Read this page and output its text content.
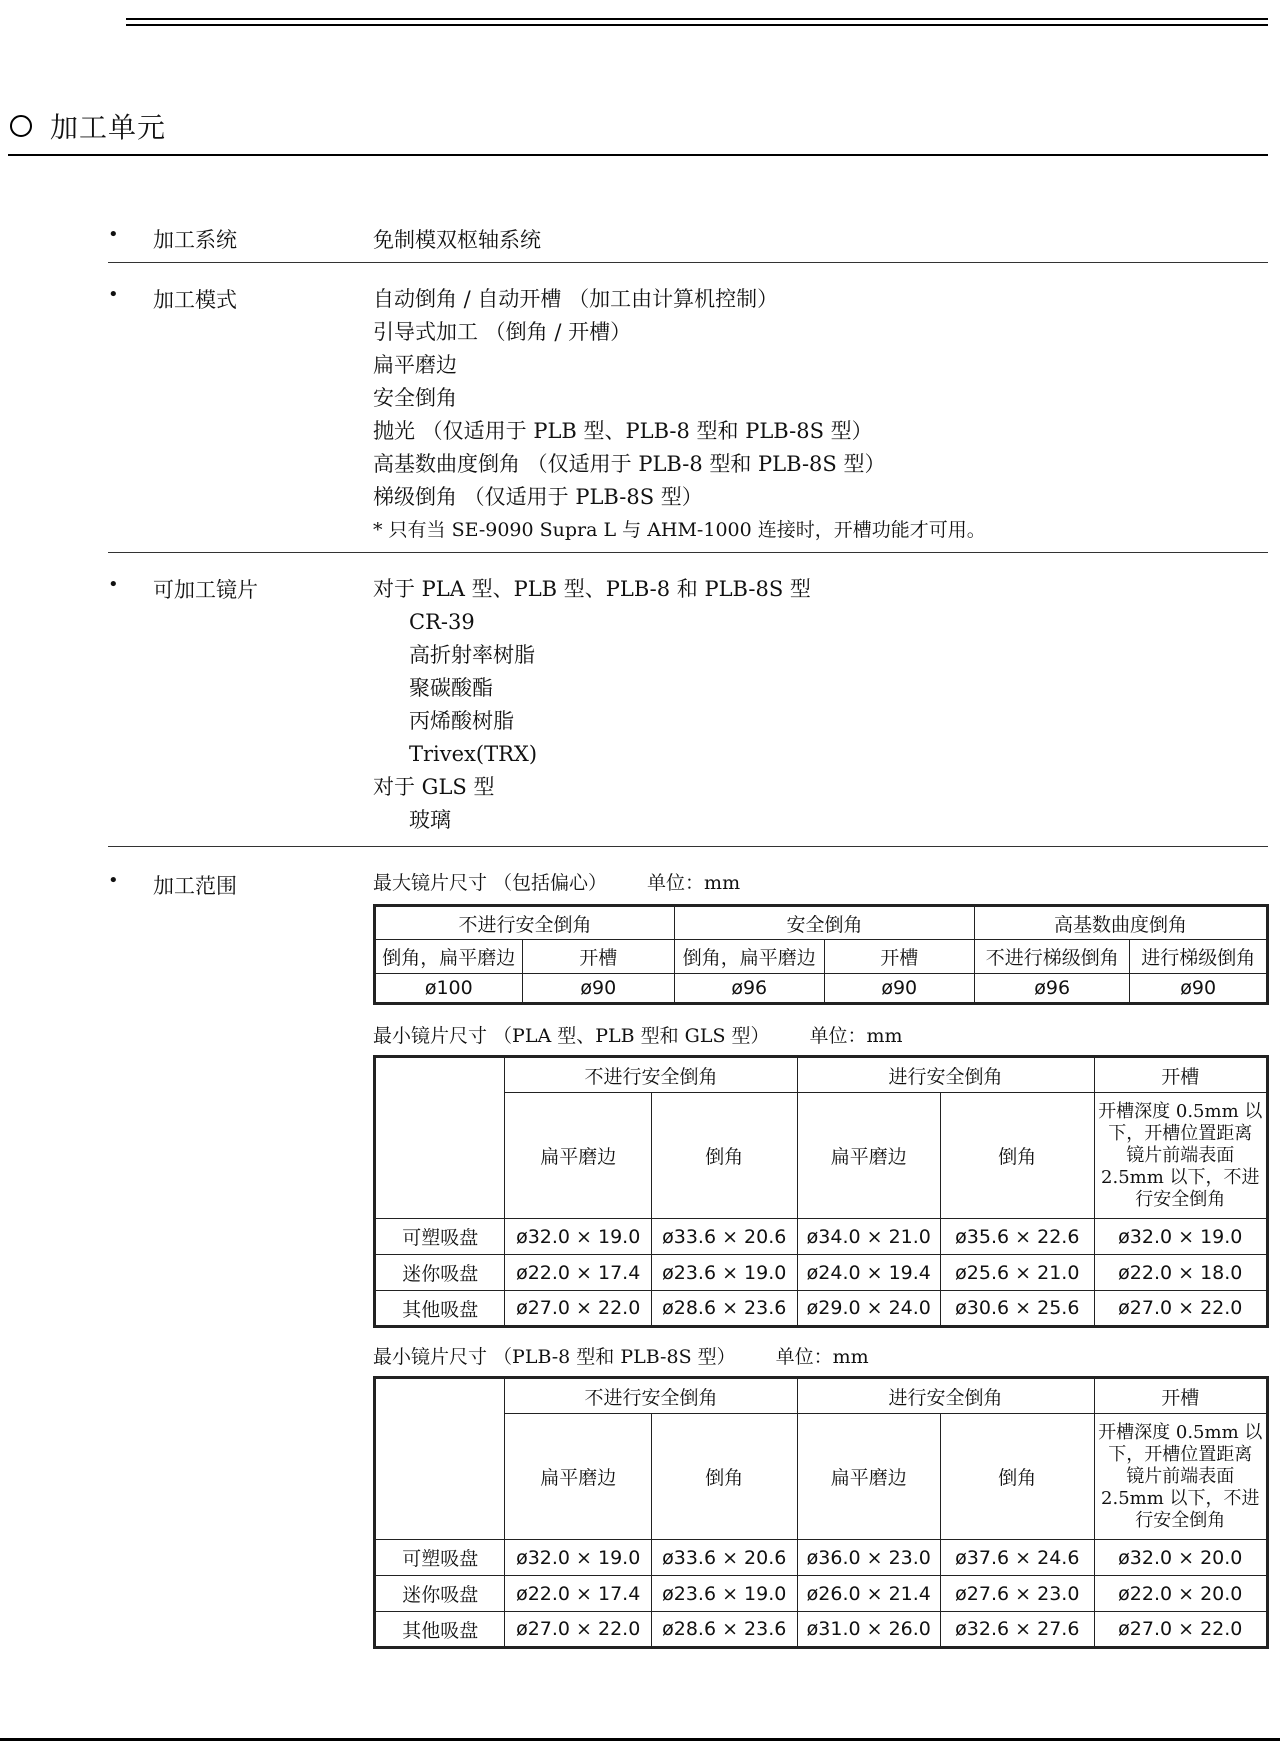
加工单元
• 加工系统	免制模双枢轴系统
• 加工模式	自动倒角 / 自动开槽 （加工由计算机控制）
引导式加工 （倒角 / 开槽）
扁平磨边
安全倒角
抛光 （仅适用于 PLB 型、PLB-8 型和 PLB-8S 型）
高基数曲度倒角 （仅适用于 PLB-8 型和 PLB-8S 型）
梯级倒角 （仅适用于 PLB-8S 型）
* 只有当 SE-9090 Supra L 与 AHM-1000 连接时，开槽功能才可用。
• 可加工镜片	对于 PLA 型、PLB 型、PLB-8 和 PLB-8S 型
CR-39
高折射率树脂
聚碳酸酯
丙烯酸树脂
Trivex(TRX)
对于 GLS 型
玻璃
• 加工范围	最大镜片尺寸 （包括偏心） 单位：mm
不进行安全倒角		安全倒角		高基数曲度倒角	
倒角，扁平磨边	开槽	倒角，扁平磨边	开槽	不进行梯级倒角	进行梯级倒角
ø100	ø90	ø96	ø90	ø96	ø90
最小镜片尺寸 （PLA 型、PLB 型和 GLS 型） 单位：mm
	不进行安全倒角		进行安全倒角		开槽
	扁平磨边	倒角	扁平磨边	倒角	开槽深度 0.5mm 以
下，开槽位置距离
镜片前端表面
2.5mm 以下，不进
行安全倒角

可塑吸盘	ø32.0 × 19.0	ø33.6 × 20.6	ø34.0 × 21.0	ø35.6 × 22.6	ø32.0 × 19.0
迷你吸盘	ø22.0 × 17.4	ø23.6 × 19.0	ø24.0 × 19.4	ø25.6 × 21.0	ø22.0 × 18.0
其他吸盘	ø27.0 × 22.0	ø28.6 × 23.6	ø29.0 × 24.0	ø30.6 × 25.6	ø27.0 × 22.0
最小镜片尺寸 （PLB-8 型和 PLB-8S 型） 单位：mm
	不进行安全倒角		进行安全倒角		开槽
	扁平磨边	倒角	扁平磨边	倒角	开槽深度 0.5mm 以
下，开槽位置距离
镜片前端表面
2.5mm 以下，不进
行安全倒角

可塑吸盘	ø32.0 × 19.0	ø33.6 × 20.6	ø36.0 × 23.0	ø37.6 × 24.6	ø32.0 × 20.0
迷你吸盘	ø22.0 × 17.4	ø23.6 × 19.0	ø26.0 × 21.4	ø27.6 × 23.0	ø22.0 × 20.0
其他吸盘	ø27.0 × 22.0	ø28.6 × 23.6	ø31.0 × 26.0	ø32.6 × 27.6	ø27.0 × 22.0
